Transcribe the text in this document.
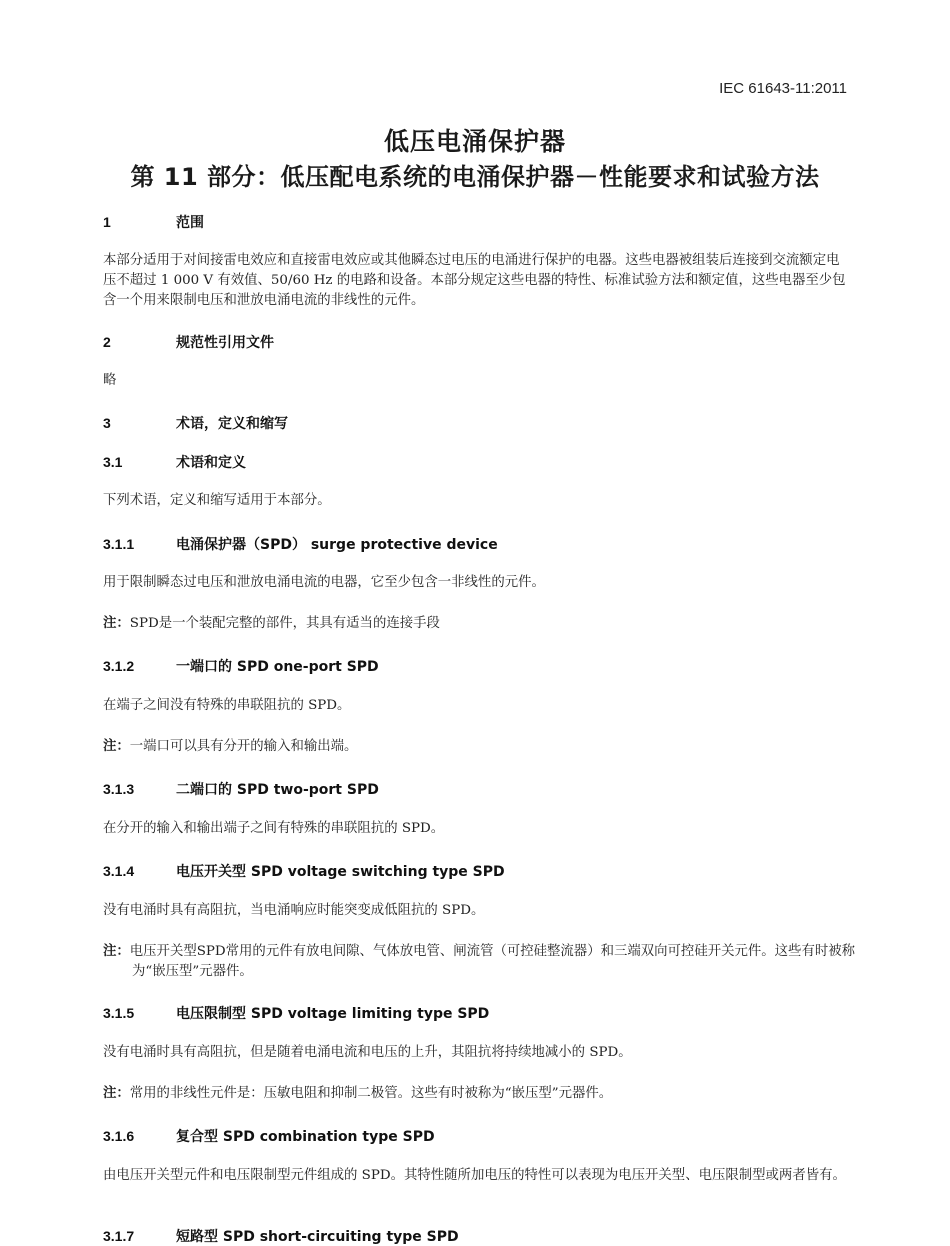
IEC 61643-11:2011
低压电涌保护器
第 11 部分：低压配电系统的电涌保护器－性能要求和试验方法
1	范围
本部分适用于对间接雷电效应和直接雷电效应或其他瞬态过电压的电涌进行保护的电器。这些电器被组装后连接到交流额定电压不超过 1 000 V 有效值、50/60 Hz 的电路和设备。本部分规定这些电器的特性、标准试验方法和额定值，这些电器至少包含一个用来限制电压和泄放电涌电流的非线性的元件。
2	规范性引用文件
略
3	术语，定义和缩写
3.1	术语和定义
下列术语，定义和缩写适用于本部分。
3.1.1	电涌保护器（SPD） surge protective device
用于限制瞬态过电压和泄放电涌电流的电器，它至少包含一非线性的元件。
注：SPD是一个装配完整的部件，其具有适当的连接手段
3.1.2	一端口的 SPD one-port SPD
在端子之间没有特殊的串联阻抗的 SPD。
注：一端口可以具有分开的输入和输出端。
3.1.3	二端口的 SPD two-port SPD
在分开的输入和输出端子之间有特殊的串联阻抗的 SPD。
3.1.4	电压开关型 SPD voltage switching type SPD
没有电涌时具有高阻抗，当电涌响应时能突变成低阻抗的 SPD。
注：电压开关型SPD常用的元件有放电间隙、气体放电管、闸流管（可控硅整流器）和三端双向可控硅开关元件。这些有时被称为“嵌压型”元器件。
3.1.5	电压限制型 SPD voltage limiting type SPD
没有电涌时具有高阻抗，但是随着电涌电流和电压的上升，其阻抗将持续地减小的 SPD。
注：常用的非线性元件是：压敏电阻和抑制二极管。这些有时被称为“嵌压型”元器件。
3.1.6	复合型 SPD combination type SPD
由电压开关型元件和电压限制型元件组成的 SPD。其特性随所加电压的特性可以表现为电压开关型、电压限制型或两者皆有。
3.1.7	短路型 SPD short-circuiting type SPD
